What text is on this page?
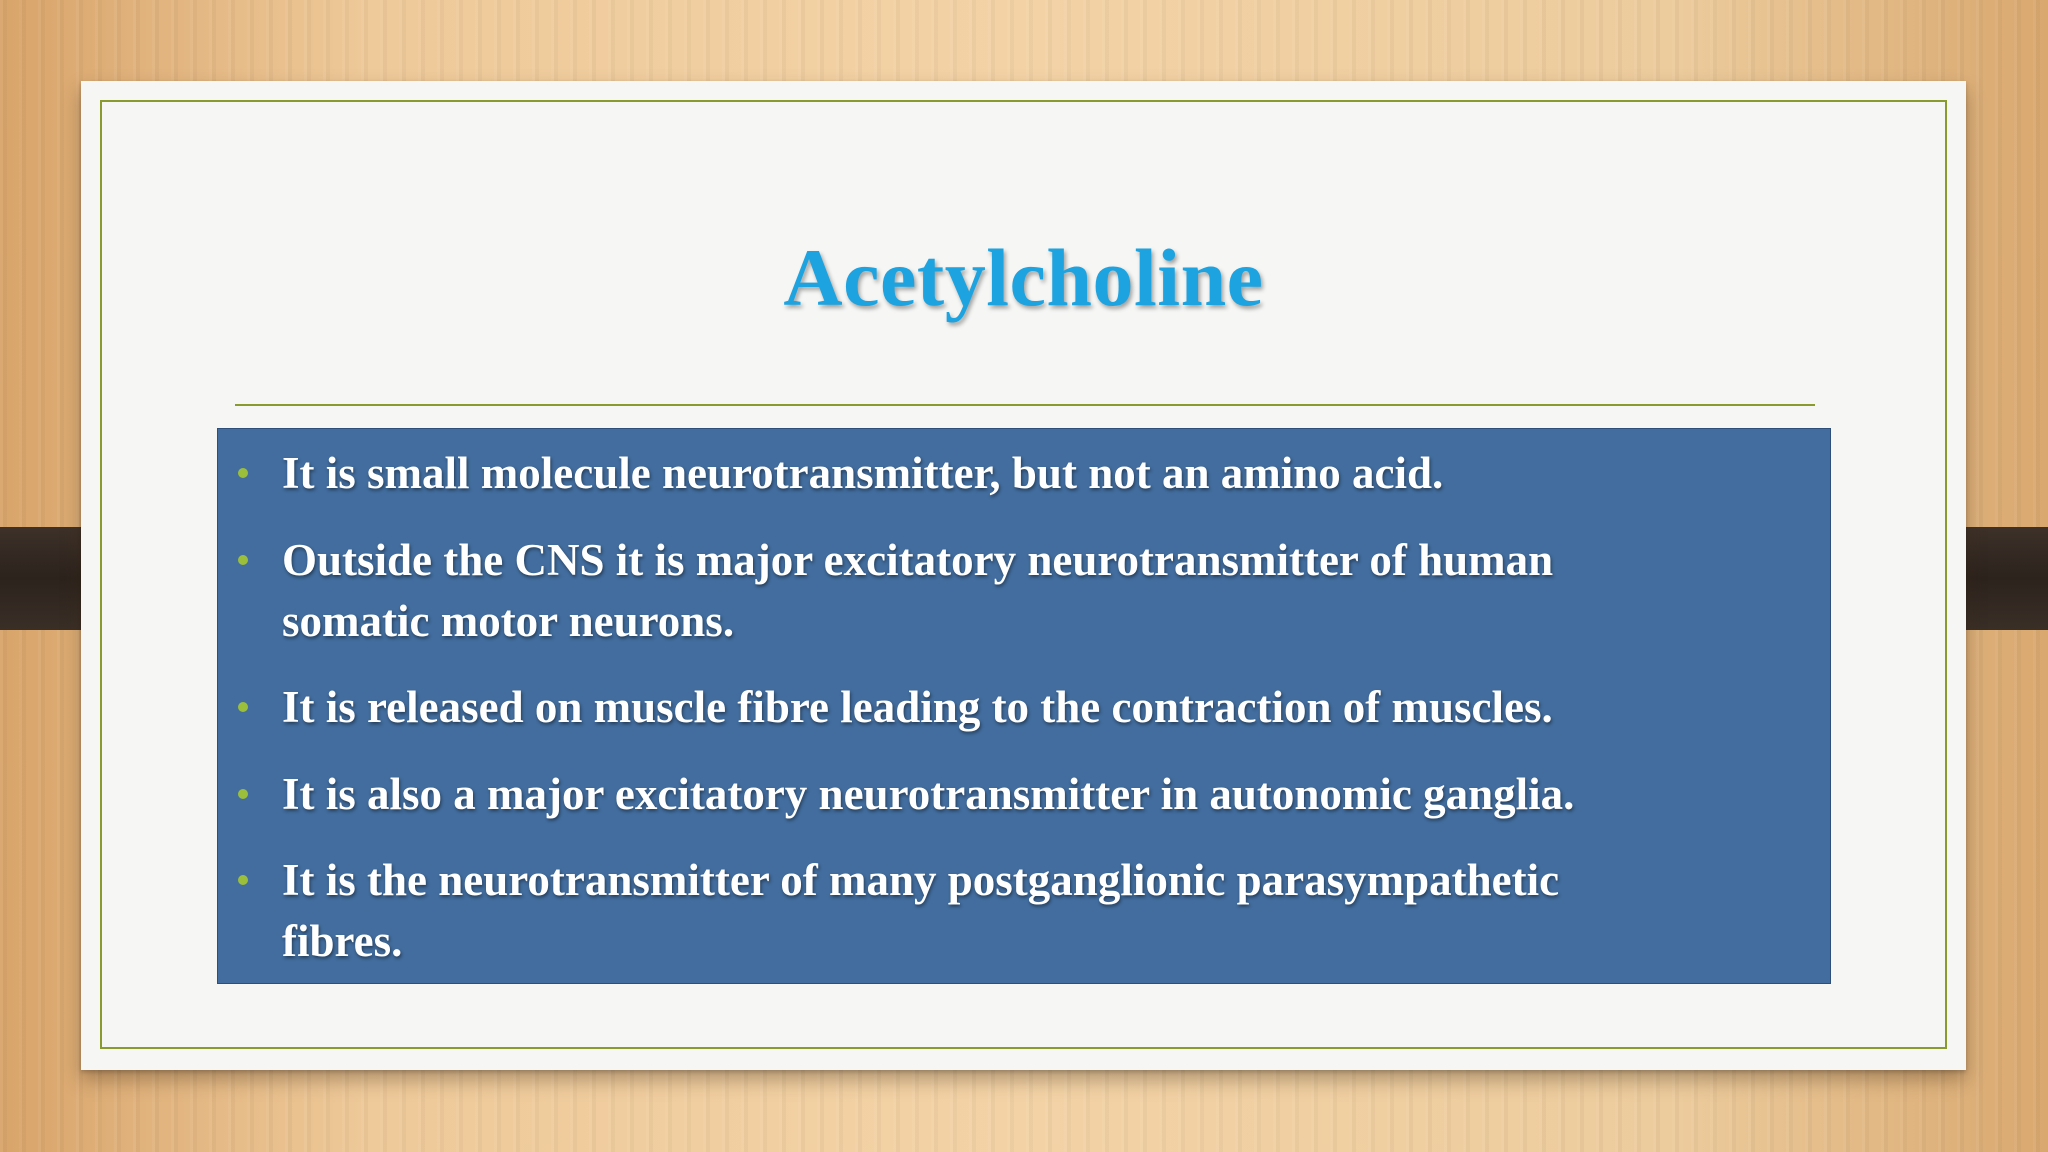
Acetylcholine
It is small molecule neurotransmitter, but not an amino acid.
Outside the CNS it is major excitatory neurotransmitter of human
somatic motor neurons.
It is released on muscle fibre leading to the contraction of muscles.
It is also a major excitatory neurotransmitter in autonomic ganglia.
It is the neurotransmitter of many postganglionic parasympathetic
fibres.
